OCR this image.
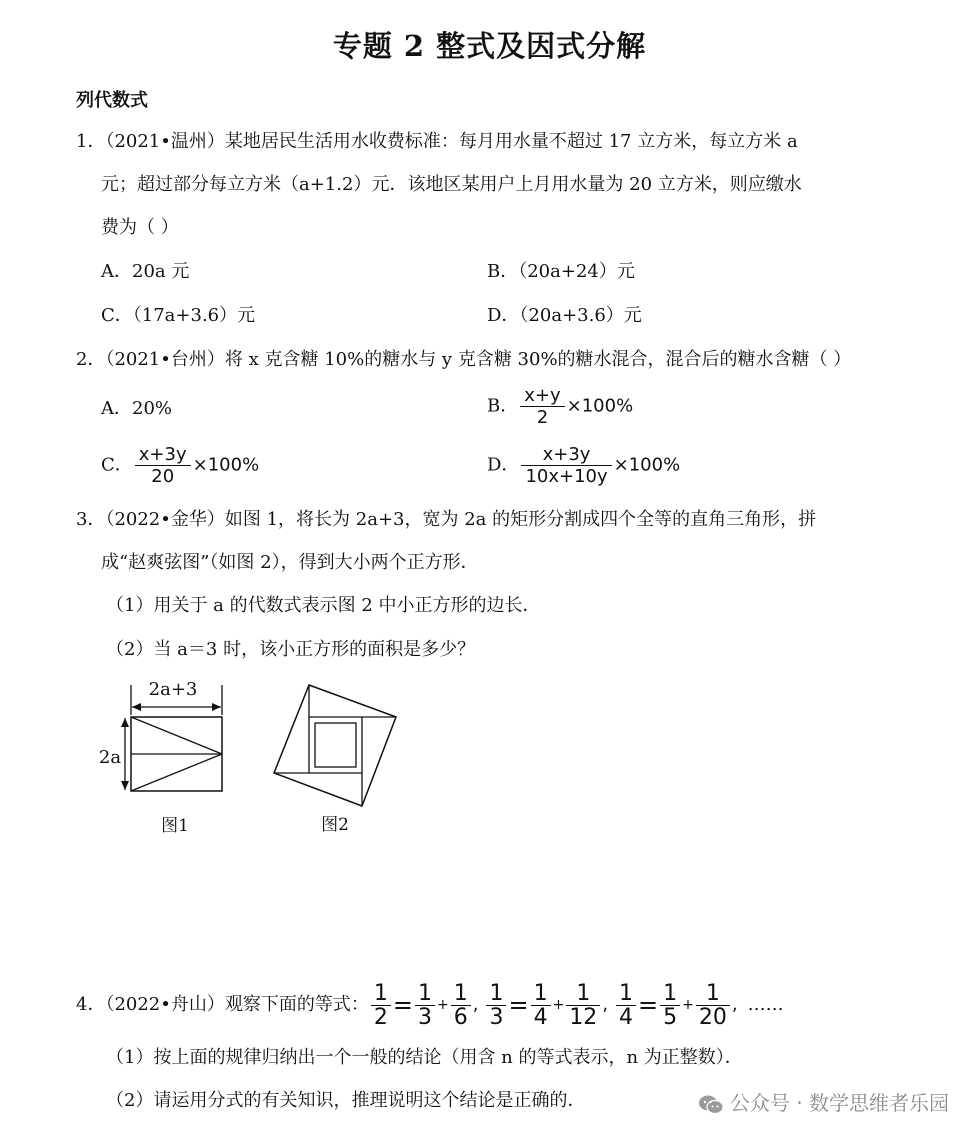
专题 2 整式及因式分解
列代数式
1．（2021•温州）某地居民生活用水收费标准：每月用水量不超过 17 立方米，每立方米 a
元；超过部分每立方米（a+1.2）元．该地区某用户上月用水量为 20 立方米，则应缴水
费为（ ）
A．20a 元	B．（20a+24）元
C．（17a+3.6）元	D．（20a+3.6）元
2．（2021•台州）将 x 克含糖 10%的糖水与 y 克含糖 30%的糖水混合，混合后的糖水含糖（ ）
A．20%	B． $\frac{x+y}{2} \times 100\%$
C． $\frac{x+3y}{20} \times 100\%$	D． $\frac{x+3y}{10x+10y} \times 100\%$
3．（2022•金华）如图 1，将长为 2a+3，宽为 2a 的矩形分割成四个全等的直角三角形，拼
成“赵爽弦图”（如图 2），得到大小两个正方形．
（1）用关于 a 的代数式表示图 2 中小正方形的边长．
（2）当 a＝3 时，该小正方形的面积是多少？
2a+3
2a
图1	图2
4．（2022•舟山）观察下面的等式： $\frac{1}{2} = \frac{1}{3} + \frac{1}{6}$ , $\frac{1}{3} = \frac{1}{4} + \frac{1}{12}$ , $\frac{1}{4} = \frac{1}{5} + \frac{1}{20}$ , ……
（1）按上面的规律归纳出一个一般的结论（用含 n 的等式表示，n 为正整数）．
（2）请运用分式的有关知识，推理说明这个结论是正确的．	公众号 · 数学思维者乐园
